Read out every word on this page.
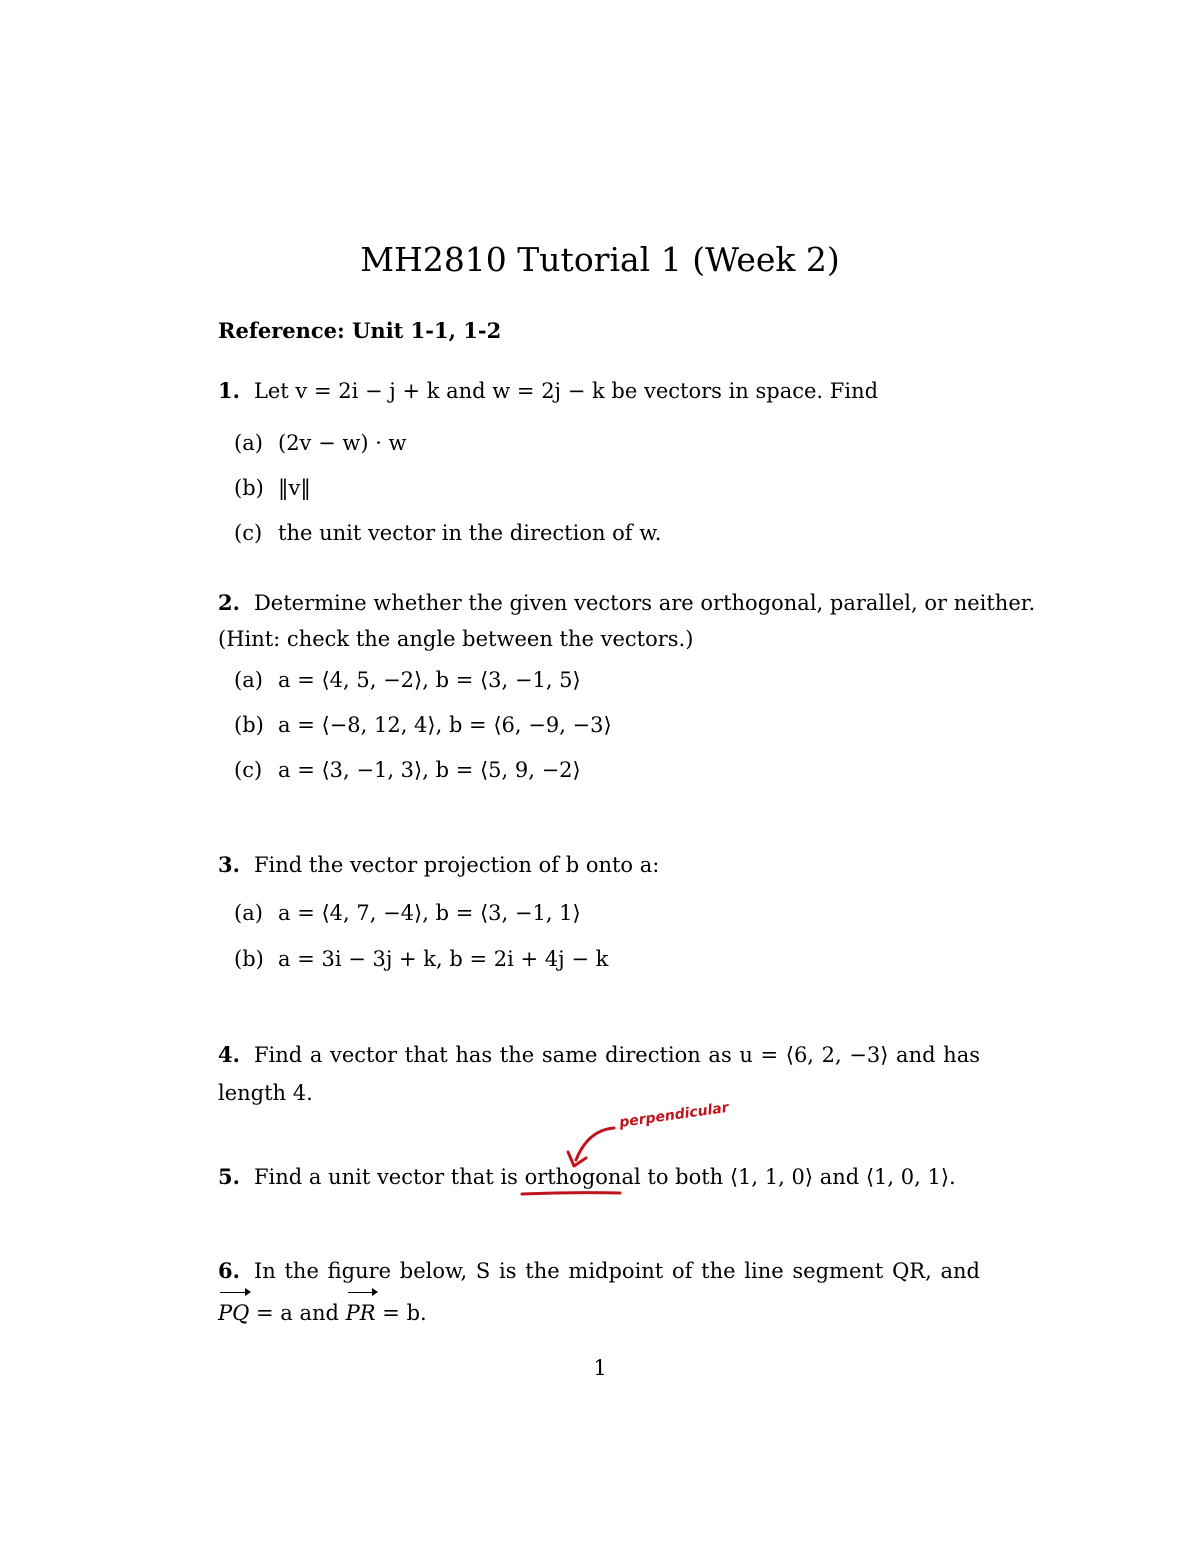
MH2810 Tutorial 1 (Week 2)
Reference: Unit 1-1, 1-2
1. Let v = 2i − j + k and w = 2j − k be vectors in space. Find
(a) (2v − w) · w
(b) ‖v‖
(c) the unit vector in the direction of w.
2. Determine whether the given vectors are orthogonal, parallel, or neither.
(Hint: check the angle between the vectors.)
(a) a = ⟨4, 5, −2⟩, b = ⟨3, −1, 5⟩
(b) a = ⟨−8, 12, 4⟩, b = ⟨6, −9, −3⟩
(c) a = ⟨3, −1, 3⟩, b = ⟨5, 9, −2⟩
3. Find the vector projection of b onto a:
(a) a = ⟨4, 7, −4⟩, b = ⟨3, −1, 1⟩
(b) a = 3i − 3j + k, b = 2i + 4j − k
4. Find a vector that has the same direction as u = ⟨6, 2, −3⟩ and has
length 4.
5. Find a unit vector that is orthogonal to both ⟨1, 1, 0⟩ and ⟨1, 0, 1⟩.
perpendicular
6. In the figure below, S is the midpoint of the line segment QR, and
PQ = a and PR = b.
1
